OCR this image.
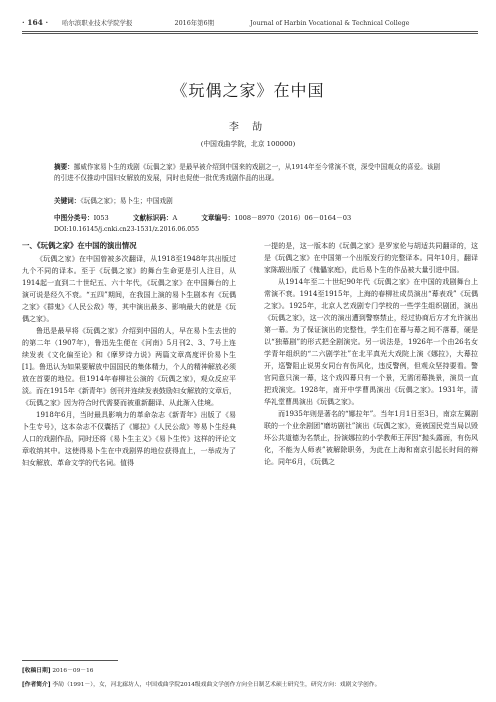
· 164 · 哈尔滨职业技术学院学报	2016年第6期	Journal of Harbin Vocational & Technical College
《玩偶之家》在中国
李 劼
(中国戏曲学院，北京 100000)
摘要：挪威作家易卜生的戏剧《玩偶之家》是最早被介绍到中国来的戏剧之一，从1914年至今常演不衰，深受中国观众的喜爱。该剧的引进不仅推动中国妇女解放的发展，同时也促使一批优秀戏剧作品的出现。
关键词：《玩偶之家》；易卜生；中国戏剧
中图分类号：I053	文献标识码：A	文章编号：1008－8970（2016）06－0164－03
DOI:10.16145/j.cnki.cn23-1531/z.2016.06.055
一、《玩偶之家》在中国的演出情况

《玩偶之家》在中国曾被多次翻译，从1918至1948年共出版过九个不同的译本。至于《玩偶之家》的舞台生命更是引人注目，从1914起一直到二十世纪五、六十年代，《玩偶之家》在中国舞台的上演可说是经久不衰。“五四”期间，在我国上演的易卜生剧本有《玩偶之家》《群鬼》《人民公敌》等，其中演出最多、影响最大的就是《玩偶之家》。

鲁迅是最早将《玩偶之家》介绍到中国的人，早在易卜生去世的的第二年（1907年），鲁迅先生便在《河南》5月刊2、3、7号上连续发表《文化偏至论》和《摩罗诗力说》两篇文章高度评价易卜生[1]。鲁迅认为如果要解放中国国民的集体精力，个人的精神解放必须放在首要的地位。但1914年春柳社公演的《玩偶之家》，观众反应平淡。而在1915年《新青年》创刊并连续发表鼓励妇女解放的文章后，《玩偶之家》因为符合时代需要而被重新翻译、从此渐入佳境。

1918年6月，当时最具影响力的革命杂志《新青年》出版了《易卜生专号》，这本杂志不仅囊括了《娜拉》《人民公敌》等易卜生经典人口的戏剧作品，同时还将《易卜生主义》《易卜生传》这样的评论文章收纳其中。这使得易卜生在中戏剧界的地位获得直上，一举成为了妇女解放、革命文学的代名词。值得

一提的是，这一版本的《玩偶之家》是罗家伦与胡适共同翻译的，这是《玩偶之家》在中国第一个出版发行的完整译本。同年10月，翻译家陈嘏出版了《傀儡家庭》，此后易卜生的作品被大量引进中国。

从1914年至二十世纪90年代《玩偶之家》在中国的戏剧舞台上常演不衰。1914至1915年，上海的春柳社成员演出“幕表戏”《玩偶之家》。1925年，北京人艺戏剧专门学校的一些学生组织剧团，演出《玩偶之家》，这一次的演出遭到警察禁止，经过协商后方才允许演出第一幕。为了保证演出的完整性，学生们在幕与幕之间不落幕，硬是以“独幕剧”的形式把全剧演完。另一说法是，1926年一个由26名女学青年组织的“二六剧学社”在北平真光大戏院上演《娜拉》，大幕拉开，巡警阻止说男女同台有伤风化，违反警例，但观众坚持要看。警官同意只演一幕，这个戏四幕只有一个景，无需闭幕换景，演员一直把戏演完。1928年，南开中学曹禺演出《玩偶之家》。1931年，清华礼堂曹禺演出《玩偶之家》。

而1935年则是著名的“娜拉年”。当年1月1日至3日，南京左翼剧联的一个业余剧团“磨坊剧社”演出《玩偶之家》，竟被国民党当局以毁坏公共道德为名禁止，扮演娜拉的小学教师王萍因“抛头露面，有伤风化，不能为人师表”被解除职务，为此在上海和南京引起长时间的辩论。同年6月，《玩偶之

[收稿日期] 2016－09－16
[作者简介] 李劼（1991－），女，河北廊坊人，中国戏曲学院2014级戏曲文学创作方向全日制艺术硕士研究生，研究方向：戏剧文学创作。
